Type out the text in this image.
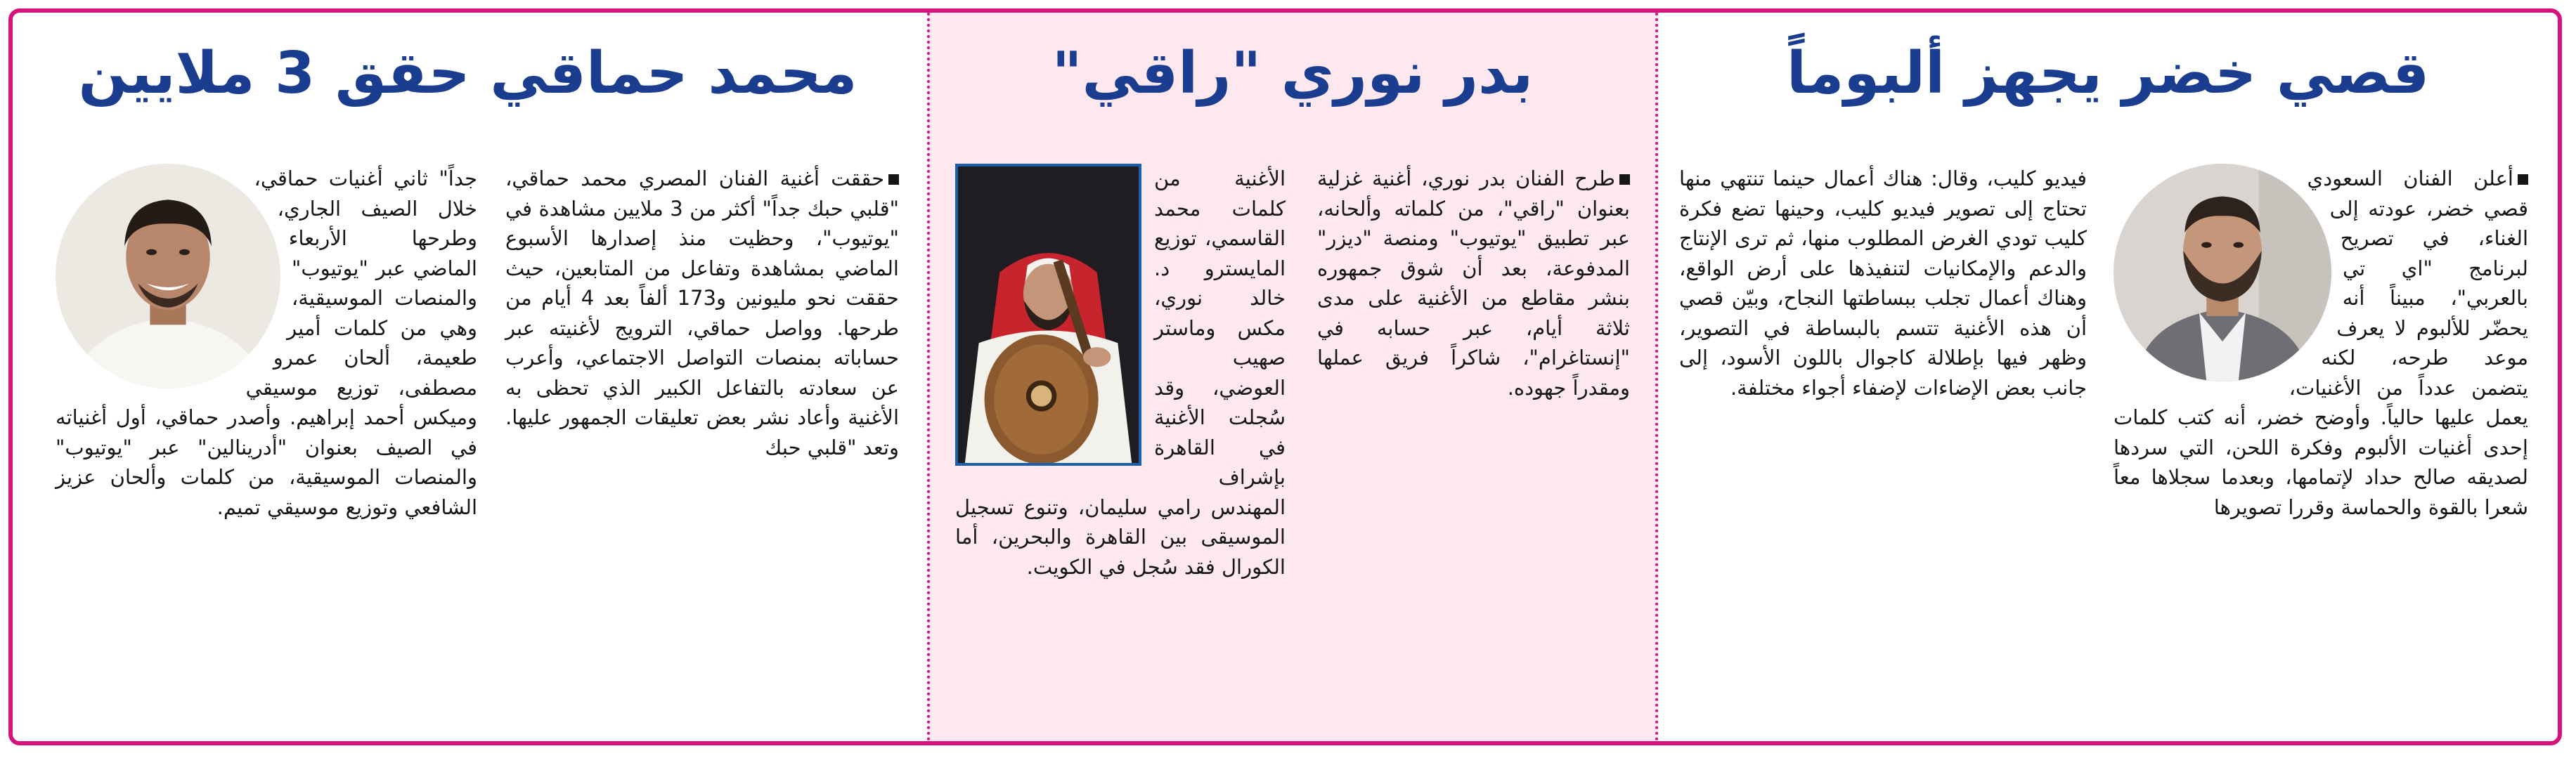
قصي خضر يجهز ألبوماً

أعلن الفنان السعودي قصي خضر، عودته إلى الغناء، في تصريح لبرنامج "اي تي بالعربي"، مبيناً أنه يحضّر للألبوم لا يعرف موعد طرحه، لكنه يتضمن عدداً من الأغنيات، يعمل عليها حالياً. وأوضح خضر، أنه كتب كلمات إحدى أغنيات الألبوم وفكرة اللحن، التي سردها لصديقه صالح حداد لإتمامها، وبعدما سجلاها معاً شعرا بالقوة والحماسة وقررا تصويرها

فيديو كليب، وقال: هناك أعمال حينما تنتهي منها تحتاج إلى تصوير فيديو كليب، وحينها تضع فكرة كليب تودي الغرض المطلوب منها، ثم ترى الإنتاج والدعم والإمكانيات لتنفيذها على أرض الواقع، وهناك أعمال تجلب ببساطتها النجاح، وبيّن قصي أن هذه الأغنية تتسم بالبساطة في التصوير، وظهر فيها بإطلالة كاجوال باللون الأسود، إلى جانب بعض الإضاءات لإضفاء أجواء مختلفة.

بدر نوري "راقي"

طرح الفنان بدر نوري، أغنية غزلية بعنوان "راقي"، من كلماته وألحانه، عبر تطبيق "يوتيوب" ومنصة "ديزر" المدفوعة، بعد أن شوق جمهوره بنشر مقاطع من الأغنية على مدى ثلاثة أيام، عبر حسابه في "إنستاغرام"، شاكراً فريق عملها ومقدراً جهوده.

الأغنية من كلمات محمد القاسمي، توزيع المايسترو د. خالد نوري، مكس وماستر صهيب العوضي، وقد سُجلت الأغنية في القاهرة بإشراف المهندس رامي سليمان، وتنوع تسجيل الموسيقى بين القاهرة والبحرين، أما الكورال فقد سُجل في الكويت.

محمد حماقي حقق 3 ملايين

حققت أغنية الفنان المصري محمد حماقي، "قلبي حبك جداً" أكثر من 3 ملايين مشاهدة في "يوتيوب"، وحظيت منذ إصدارها الأسبوع الماضي بمشاهدة وتفاعل من المتابعين، حيث حققت نحو مليونين و173 ألفاً بعد 4 أيام من طرحها. وواصل حماقي، الترويج لأغنيته عبر حساباته بمنصات التواصل الاجتماعي، وأعرب عن سعادته بالتفاعل الكبير الذي تحظى به الأغنية وأعاد نشر بعض تعليقات الجمهور عليها. وتعد "قلبي حبك

جداً" ثاني أغنيات حماقي، خلال الصيف الجاري، وطرحها الأربعاء الماضي عبر "يوتيوب" والمنصات الموسيقية، وهي من كلمات أمير طعيمة، ألحان عمرو مصطفى، توزيع موسيقي وميكس أحمد إبراهيم. وأصدر حماقي، أول أغنياته في الصيف بعنوان "أدرينالين" عبر "يوتيوب" والمنصات الموسيقية، من كلمات وألحان عزيز الشافعي وتوزيع موسيقي تميم.
